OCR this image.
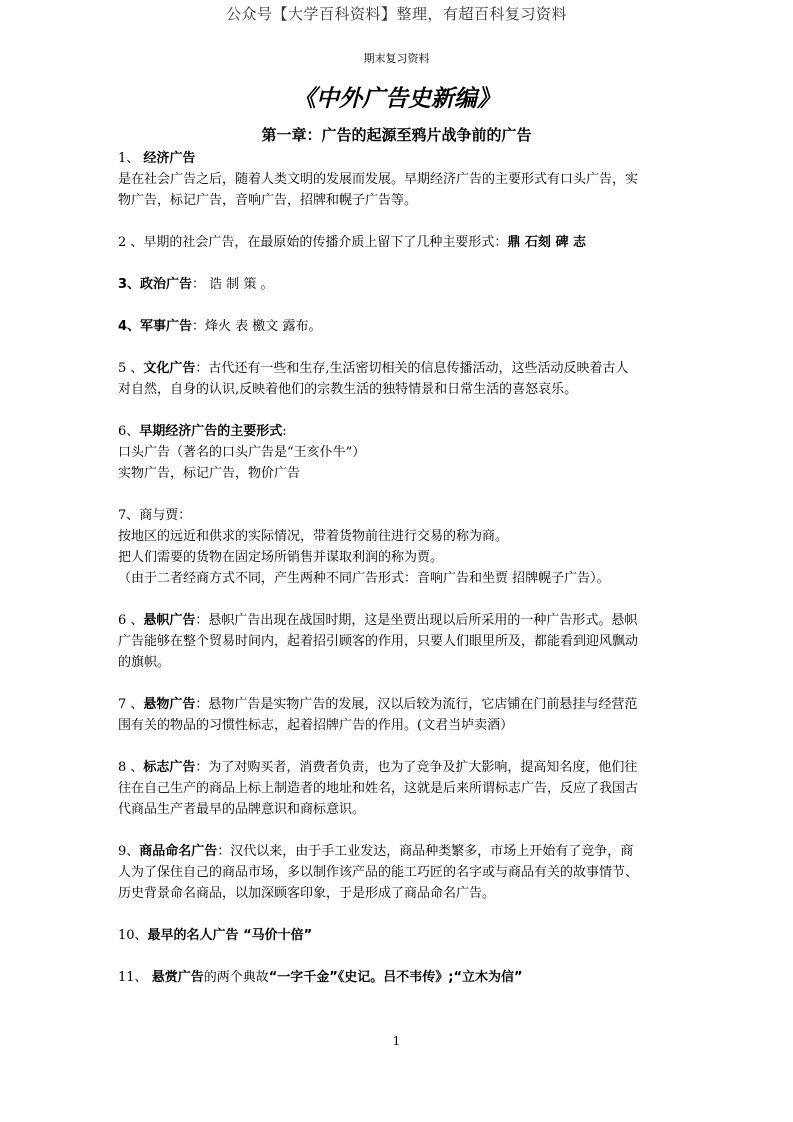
公众号【大学百科资料】整理，有超百科复习资料
期末复习资料
《中外广告史新编》
第一章：广告的起源至鸦片战争前的广告

1、 经济广告

是在社会广告之后，随着人类文明的发展而发展。早期经济广告的主要形式有口头广告，实

物广告，标记广告，音响广告，招牌和幌子广告等。

2 、早期的社会广告，在最原始的传播介质上留下了几种主要形式：鼎 石刻 碑 志

3、政治广告： 诰 制 策 。

4、军事广告：烽火 表 檄文 露布。

5 、文化广告：古代还有一些和生存,生活密切相关的信息传播活动，这些活动反映着古人

对自然，自身的认识,反映着他们的宗教生活的独特情景和日常生活的喜怒哀乐。

6、早期经济广告的主要形式:

口头广告（著名的口头广告是“王亥仆牛”）

实物广告，标记广告，物价广告

7、商与贾：

按地区的远近和供求的实际情况，带着货物前往进行交易的称为商。

把人们需要的货物在固定场所销售并谋取利润的称为贾。

（由于二者经商方式不同，产生两种不同广告形式：音响广告和坐贾 招牌幌子广告）。

6 、悬帜广告：悬帜广告出现在战国时期，这是坐贾出现以后所采用的一种广告形式。悬帜

广告能够在整个贸易时间内，起着招引顾客的作用，只要人们眼里所及，都能看到迎风飘动

的旗帜。

7 、悬物广告：悬物广告是实物广告的发展，汉以后较为流行，它店铺在门前悬挂与经营范

围有关的物品的习惯性标志，起着招牌广告的作用。(文君当垆卖酒）

8 、标志广告：为了对购买者，消费者负责，也为了竞争及扩大影响，提高知名度，他们往

往在自己生产的商品上标上制造者的地址和姓名，这就是后来所谓标志广告，反应了我国古

代商品生产者最早的品牌意识和商标意识。

9、商品命名广告：汉代以来，由于手工业发达，商品种类繁多，市场上开始有了竞争，商

人为了保住自己的商品市场，多以制作该产品的能工巧匠的名字或与商品有关的故事情节、

历史背景命名商品，以加深顾客印象，于是形成了商品命名广告。

10、最早的名人广告 “马价十倍”

11、 悬赏广告的两个典故“一字千金”《史记。吕不韦传》;“立木为信”

1
